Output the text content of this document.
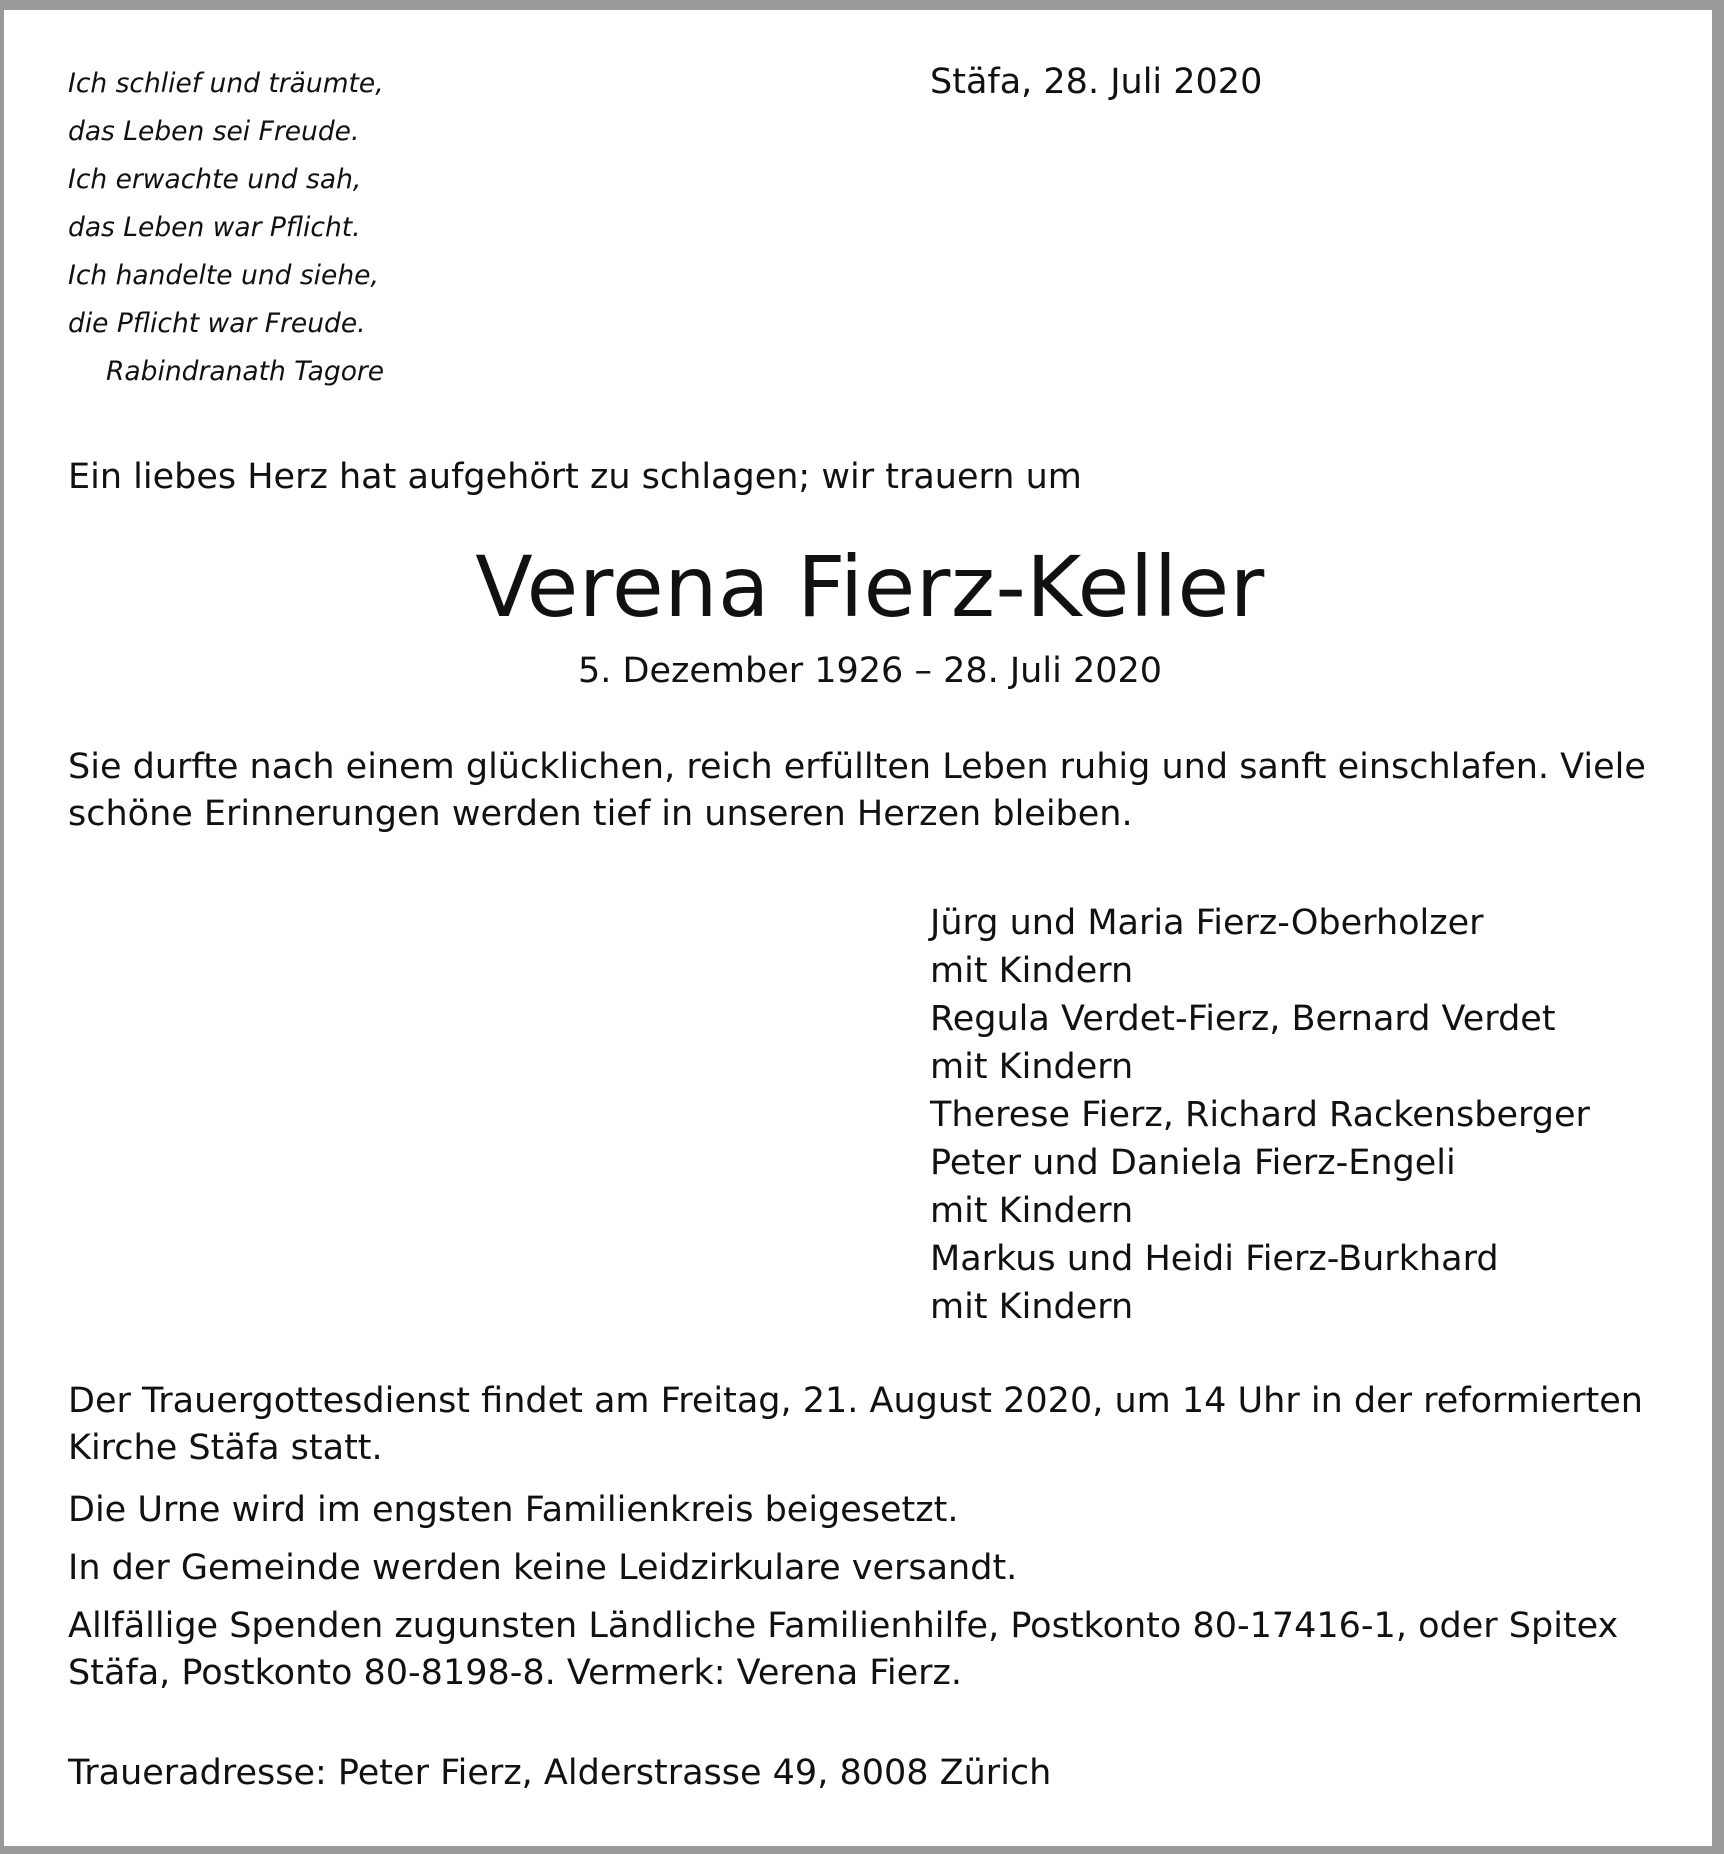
Ich schlief und träumte,
das Leben sei Freude.
Ich erwachte und sah,
das Leben war Pflicht.
Ich handelte und siehe,
die Pflicht war Freude.
Rabindranath Tagore
Stäfa, 28. Juli 2020
Ein liebes Herz hat aufgehört zu schlagen; wir trauern um
Verena Fierz-Keller
5. Dezember 1926 – 28. Juli 2020
Sie durfte nach einem glücklichen, reich erfüllten Leben ruhig und sanft einschlafen. Viele
schöne Erinnerungen werden tief in unseren Herzen bleiben.
Jürg und Maria Fierz-Oberholzer
mit Kindern
Regula Verdet-Fierz, Bernard Verdet
mit Kindern
Therese Fierz, Richard Rackensberger
Peter und Daniela Fierz-Engeli
mit Kindern
Markus und Heidi Fierz-Burkhard
mit Kindern
Der Trauergottesdienst findet am Freitag, 21. August 2020, um 14 Uhr in der reformierten
Kirche Stäfa statt.
Die Urne wird im engsten Familienkreis beigesetzt.
In der Gemeinde werden keine Leidzirkulare versandt.
Allfällige Spenden zugunsten Ländliche Familienhilfe, Postkonto 80-17416-1, oder Spitex
Stäfa, Postkonto 80-8198-8. Vermerk: Verena Fierz.
Traueradresse: Peter Fierz, Alderstrasse 49, 8008 Zürich
